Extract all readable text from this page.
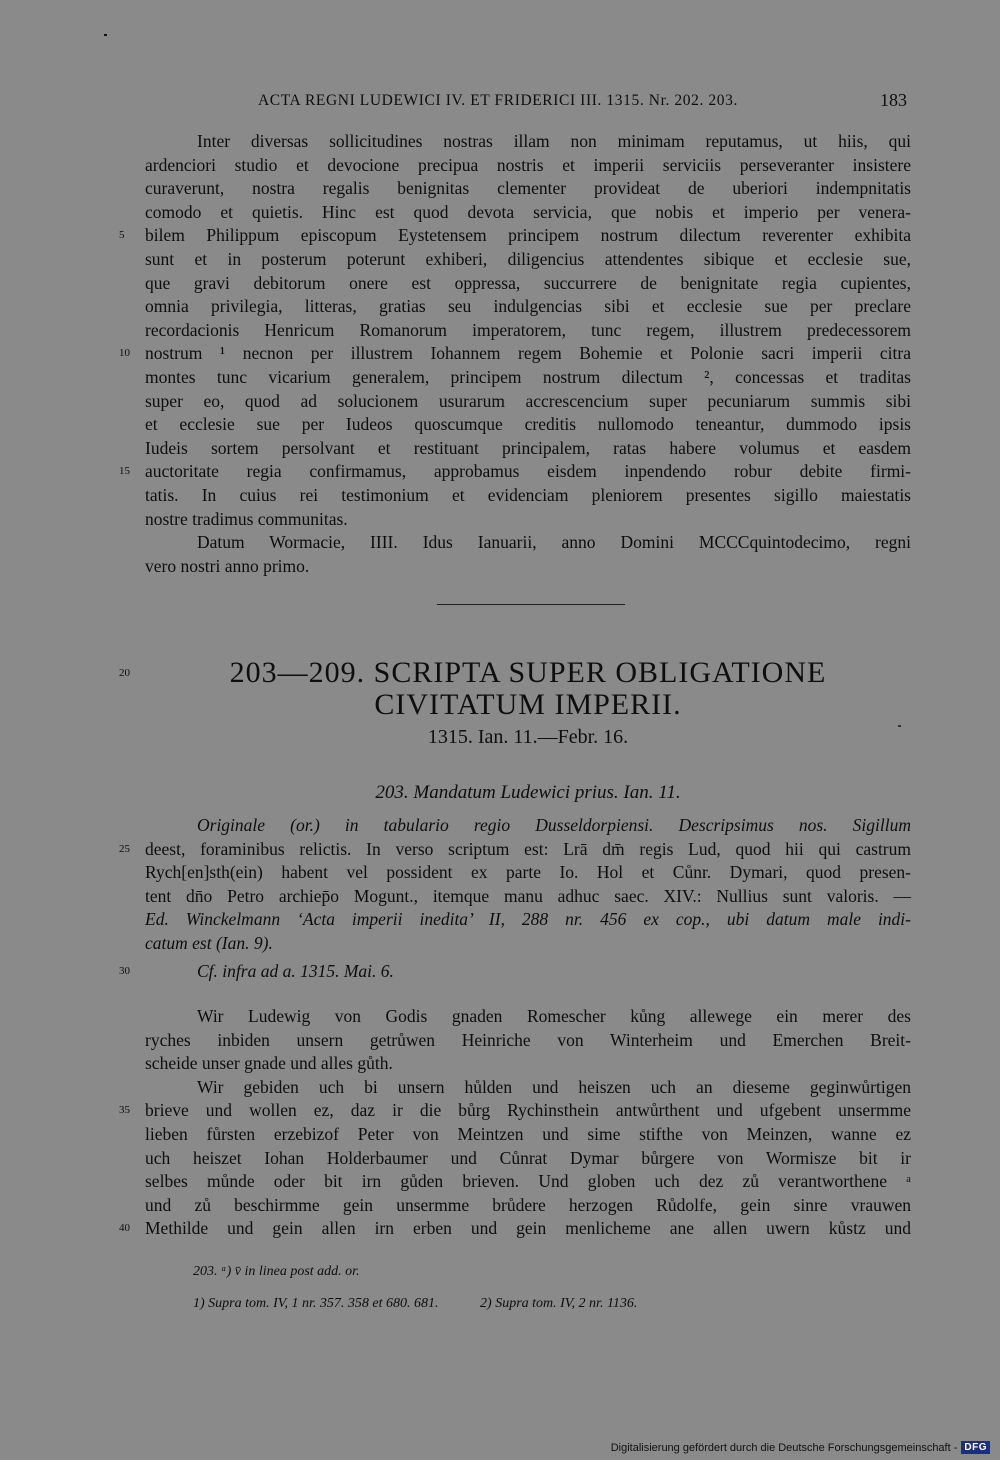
ACTA REGNI LUDEWICI IV. ET FRIDERICI III. 1315. Nr. 202. 203.	183
Inter diversas sollicitudines nostras illam non minimam reputamus, ut hiis, qui
ardenciori studio et devocione precipua nostris et imperii serviciis perseveranter insistere
curaverunt, nostra regalis benignitas clementer provideat de uberiori indempnitatis
comodo et quietis. Hinc est quod devota servicia, que nobis et imperio per venera-
5	bilem Philippum episcopum Eystetensem principem nostrum dilectum reverenter exhibita
sunt et in posterum poterunt exhiberi, diligencius attendentes sibique et ecclesie sue,
que gravi debitorum onere est oppressa, succurrere de benignitate regia cupientes,
omnia privilegia, litteras, gratias seu indulgencias sibi et ecclesie sue per preclare
recordacionis Henricum Romanorum imperatorem, tunc regem, illustrem predecessorem
10 nostrum ¹ necnon per illustrem Iohannem regem Bohemie et Polonie sacri imperii citra
montes tunc vicarium generalem, principem nostrum dilectum ², concessas et traditas
super eo, quod ad solucionem usurarum accrescencium super pecuniarum summis sibi
et ecclesie sue per Iudeos quoscumque creditis nullomodo teneantur, dummodo ipsis
Iudeis sortem persolvant et restituant principalem, ratas habere volumus et easdem
15 auctoritate regia confirmamus, approbamus eisdem inpendendo robur debite firmi-
tatis. In cuius rei testimonium et evidenciam pleniorem presentes sigillo maiestatis
nostre tradimus communitas.
Datum Wormacie, IIII. Idus Ianuarii, anno Domini MCCCquintodecimo, regni
vero nostri anno primo.
20	203—209. SCRIPTA SUPER OBLIGATIONE
CIVITATUM IMPERII.
1315. Ian. 11.—Febr. 16.
203. Mandatum Ludewici prius. Ian. 11.
Originale (or.) in tabulario regio Dusseldorpiensi. Descripsimus nos. Sigillum
25 deest, foraminibus relictis. In verso scriptum est: Lrā dm̄ regis Lud, quod hii qui castrum
Rych[en]sth(ein) habent vel possident ex parte Io. Hol et Cůnr. Dymari, quod presen-
tent dn̄o Petro archiep̄o Mogunt., itemque manu adhuc saec. XIV.: Nullius sunt valoris. —
Ed. Winckelmann ‘Acta imperii inedita’ II, 288 nr. 456 ex cop., ubi datum male indi-
catum est (Ian. 9).
30	Cf. infra ad a. 1315. Mai. 6.
Wir Ludewig von Godis gnaden Romescher kůng allewege ein merer des
ryches inbiden unsern getrůwen Heinriche von Winterheim und Emerchen Breit-
scheide unser gnade und alles gůth.
Wir gebiden uch bi unsern hůlden und heiszen uch an dieseme geginwůrtigen
35 brieve und wollen ez, daz ir die bůrg Rychinsthein antwůrthent und ufgebent unsermme
lieben fůrsten erzebizof Peter von Meintzen und sime stifthe von Meinzen, wanne ez
uch heiszet Iohan Holderbaumer und Cůnrat Dymar bůrgere von Wormisze bit ir
selbes můnde oder bit irn gůden brieven. Und globen uch dez zů verantworthene ᵃ
und zů beschirmme gein unsermme brůdere herzogen Růdolfe, gein sinre vrauwen
40 Methilde und gein allen irn erben und gein menlicheme ane allen uwern kůstz und
203. ᵃ) v̄ in linea post add. or.
1) Supra tom. IV, 1 nr. 357. 358 et 680. 681.	2) Supra tom. IV, 2 nr. 1136.
Digitalisierung gefördert durch die Deutsche Forschungsgemeinschaft - DFG
